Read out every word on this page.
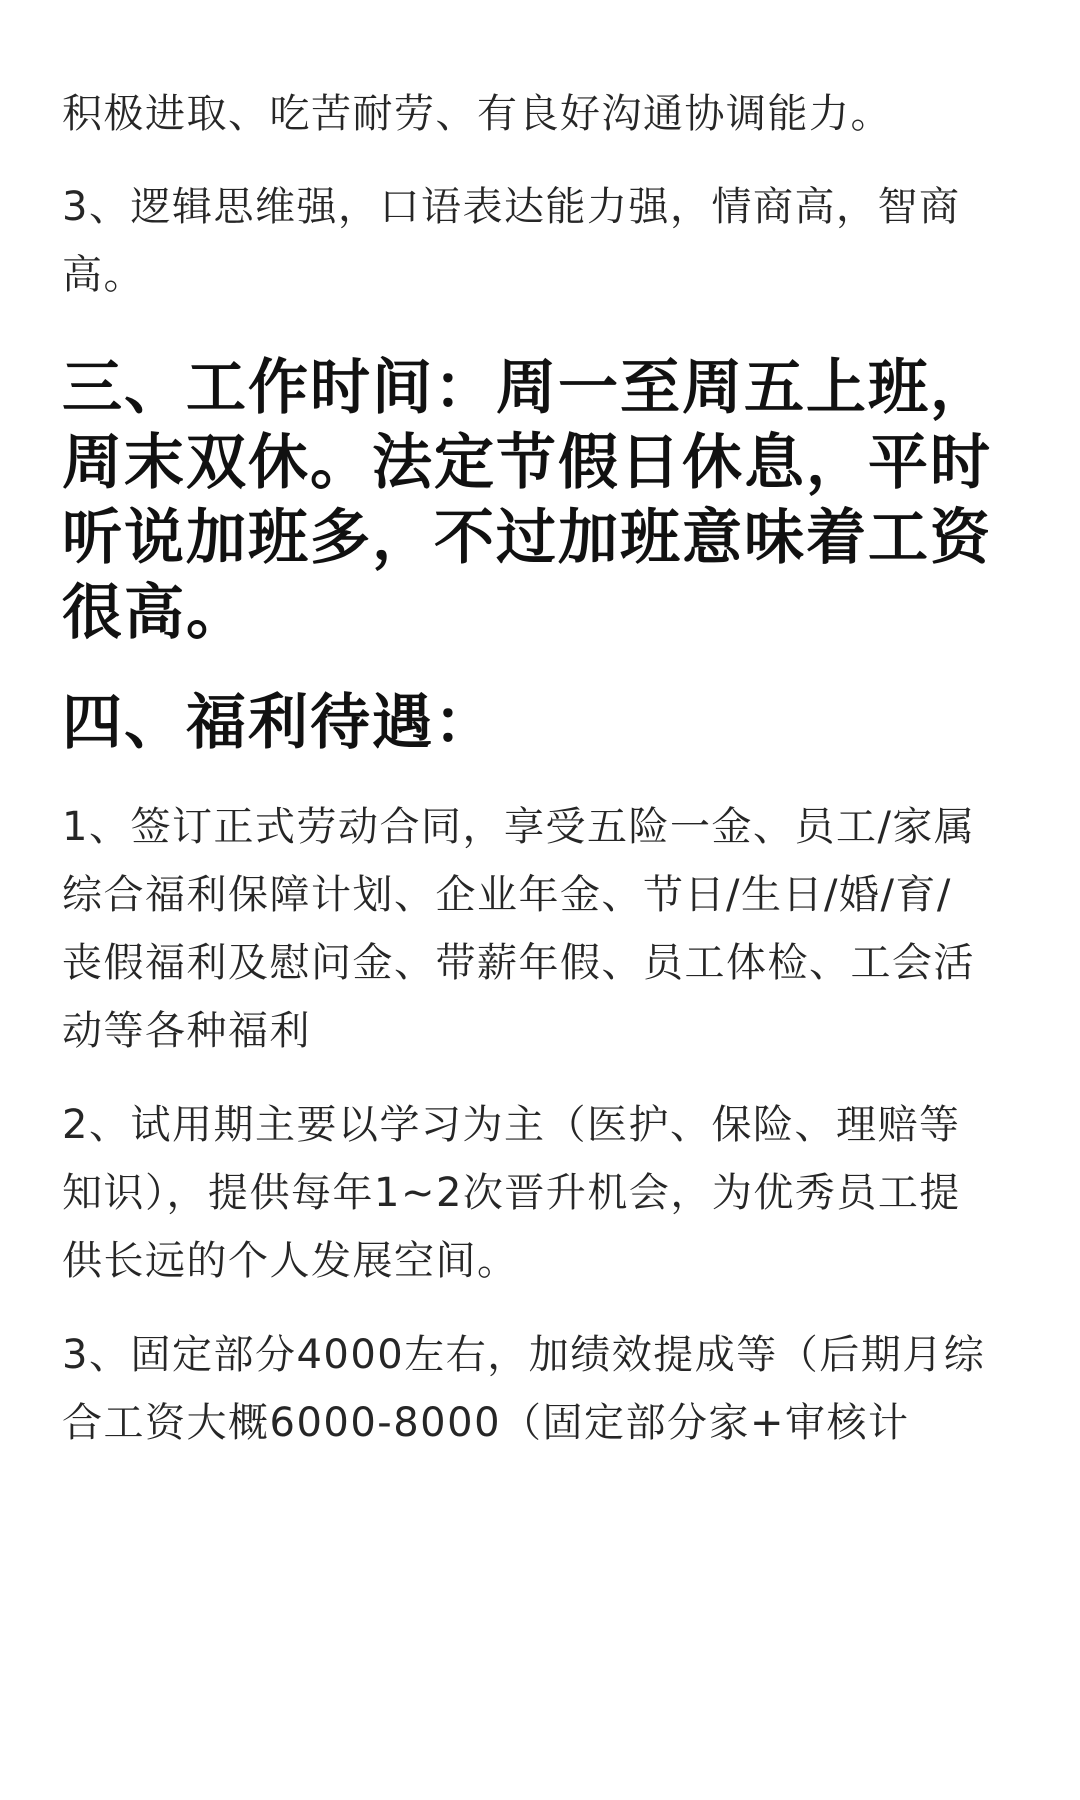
积极进取、吃苦耐劳、有良好沟通协调能力。
3、逻辑思维强，口语表达能力强，情商高，智商
高。
三、工作时间：周一至周五上班，
周末双休。法定节假日休息，平时
听说加班多，不过加班意味着工资
很高。
四、福利待遇：
1、签订正式劳动合同，享受五险一金、员工/家属
综合福利保障计划、企业年金、节日/生日/婚/育/
丧假福利及慰问金、带薪年假、员工体检、工会活
动等各种福利
2、试用期主要以学习为主（医护、保险、理赔等
知识），提供每年1~2次晋升机会，为优秀员工提
供长远的个人发展空间。
3、固定部分4000左右，加绩效提成等（后期月综
合工资大概6000-8000（固定部分家+审核计
